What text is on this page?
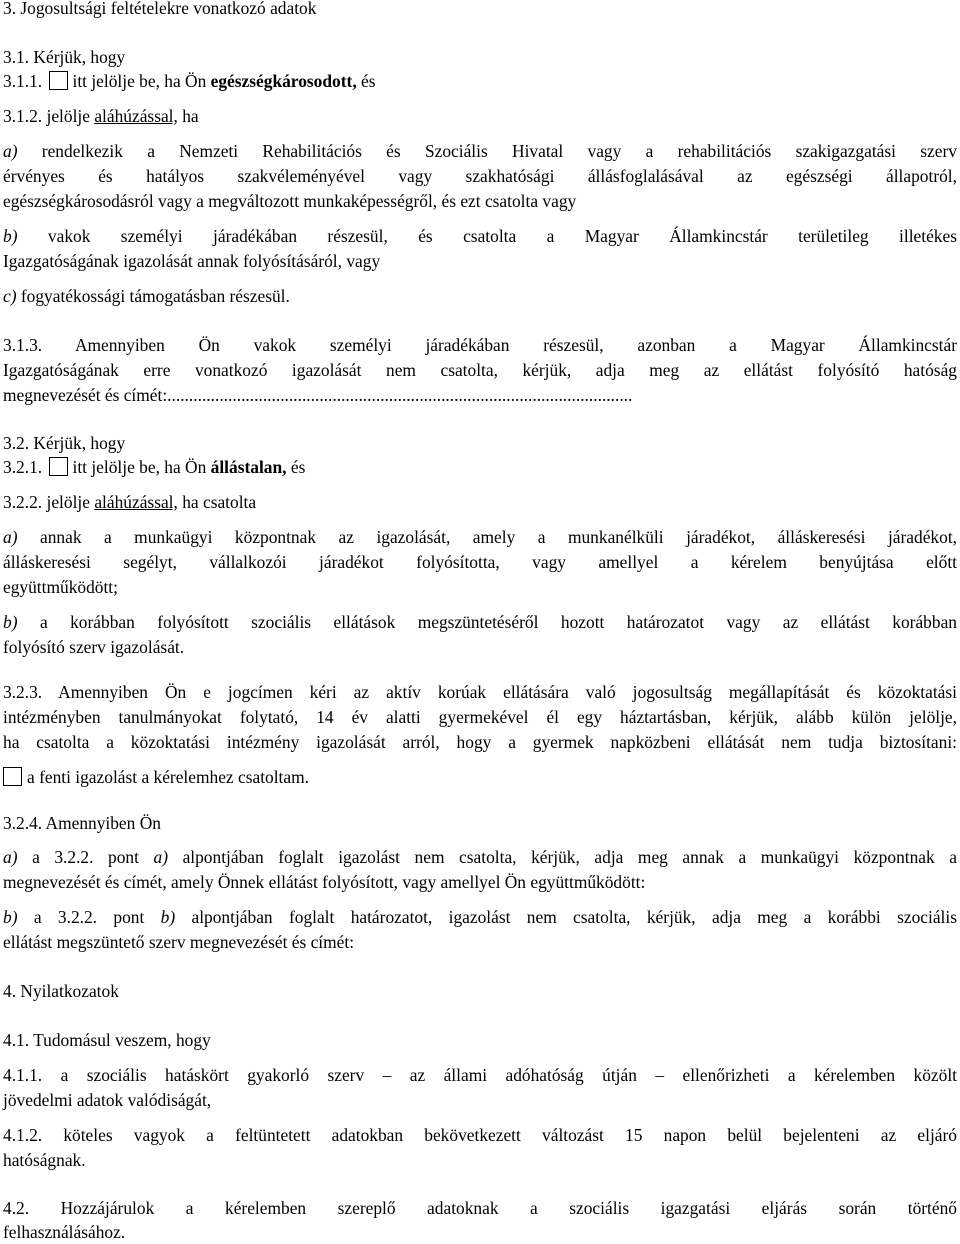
3. Jogosultsági feltételekre vonatkozó adatok
3.1. Kérjük, hogy
3.1.1. itt jelölje be, ha Ön egészségkárosodott, és
3.1.2. jelölje aláhúzással, ha
a) rendelkezik a Nemzeti Rehabilitációs és Szociális Hivatal vagy a rehabilitációs szakigazgatási szerv
érvényes és hatályos szakvéleményével vagy szakhatósági állásfoglalásával az egészségi állapotról,
egészségkárosodásról vagy a megváltozott munkaképességről, és ezt csatolta vagy
b) vakok személyi járadékában részesül, és csatolta a Magyar Államkincstár területileg illetékes
Igazgatóságának igazolását annak folyósításáról, vagy
c) fogyatékossági támogatásban részesül.
3.1.3. Amennyiben Ön vakok személyi járadékában részesül, azonban a Magyar Államkincstár
Igazgatóságának erre vonatkozó igazolását nem csatolta, kérjük, adja meg az ellátást folyósító hatóság
megnevezését és címét:...........................................................................................................
3.2. Kérjük, hogy
3.2.1. itt jelölje be, ha Ön állástalan, és
3.2.2. jelölje aláhúzással, ha csatolta
a) annak a munkaügyi központnak az igazolását, amely a munkanélküli járadékot, álláskeresési járadékot,
álláskeresési segélyt, vállalkozói járadékot folyósította, vagy amellyel a kérelem benyújtása előtt
együttműködött;
b) a korábban folyósított szociális ellátások megszüntetéséről hozott határozatot vagy az ellátást korábban
folyósító szerv igazolását.
3.2.3. Amennyiben Ön e jogcímen kéri az aktív korúak ellátására való jogosultság megállapítását és közoktatási
intézményben tanulmányokat folytató, 14 év alatti gyermekével él egy háztartásban, kérjük, alább külön jelölje,
ha csatolta a közoktatási intézmény igazolását arról, hogy a gyermek napközbeni ellátását nem tudja biztosítani:
a fenti igazolást a kérelemhez csatoltam.
3.2.4. Amennyiben Ön
a) a 3.2.2. pont a) alpontjában foglalt igazolást nem csatolta, kérjük, adja meg annak a munkaügyi központnak a
megnevezését és címét, amely Önnek ellátást folyósított, vagy amellyel Ön együttműködött:
b) a 3.2.2. pont b) alpontjában foglalt határozatot, igazolást nem csatolta, kérjük, adja meg a korábbi szociális
ellátást megszüntető szerv megnevezését és címét:
4. Nyilatkozatok
4.1. Tudomásul veszem, hogy
4.1.1. a szociális hatáskört gyakorló szerv – az állami adóhatóság útján – ellenőrizheti a kérelemben közölt
jövedelmi adatok valódiságát,
4.1.2. köteles vagyok a feltüntetett adatokban bekövetkezett változást 15 napon belül bejelenteni az eljáró
hatóságnak.
4.2. Hozzájárulok a kérelemben szereplő adatoknak a szociális igazgatási eljárás során történő
felhasználásához.
